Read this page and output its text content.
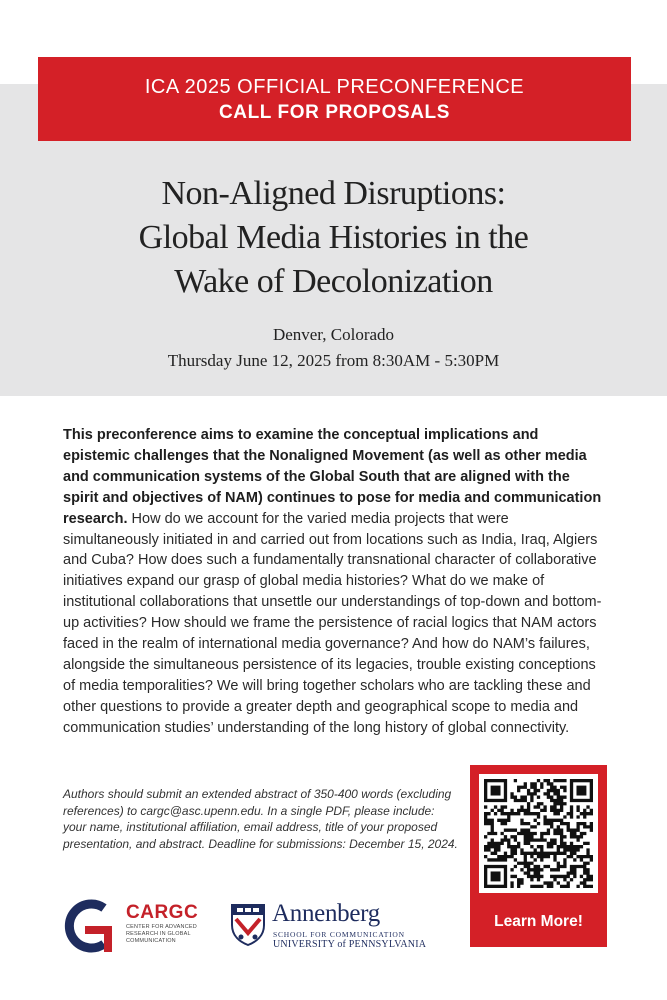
ICA 2025 OFFICIAL PRECONFERENCE
CALL FOR PROPOSALS
Non-Aligned Disruptions:
Global Media Histories in the
Wake of Decolonization
Denver, Colorado
Thursday June 12, 2025 from 8:30AM - 5:30PM
This preconference aims to examine the conceptual implications and epistemic challenges that the Nonaligned Movement (as well as other media and communication systems of the Global South that are aligned with the spirit and objectives of NAM) continues to pose for media and communication research. How do we account for the varied media projects that were simultaneously initiated in and carried out from locations such as India, Iraq, Algiers and Cuba? How does such a fundamentally transnational character of collaborative initiatives expand our grasp of global media histories? What do we make of institutional collaborations that unsettle our understandings of top-down and bottom-up activities? How should we frame the persistence of racial logics that NAM actors faced in the realm of international media governance? And how do NAM’s failures, alongside the simultaneous persistence of its legacies, trouble existing conceptions of media temporalities? We will bring together scholars who are tackling these and other questions to provide a greater depth and geographical scope to media and communication studies’ understanding of the long history of global connectivity.
Authors should submit an extended abstract of 350-400 words (excluding references) to cargc@asc.upenn.edu. In a single PDF, please include: your name, institutional affiliation, email address, title of your proposed presentation, and abstract. Deadline for submissions: December 15, 2024.
Learn More!
CARGC
CENTER FOR ADVANCED RESEARCH IN GLOBAL COMMUNICATION
Annenberg
SCHOOL FOR COMMUNICATION
UNIVERSITY of PENNSYLVANIA
